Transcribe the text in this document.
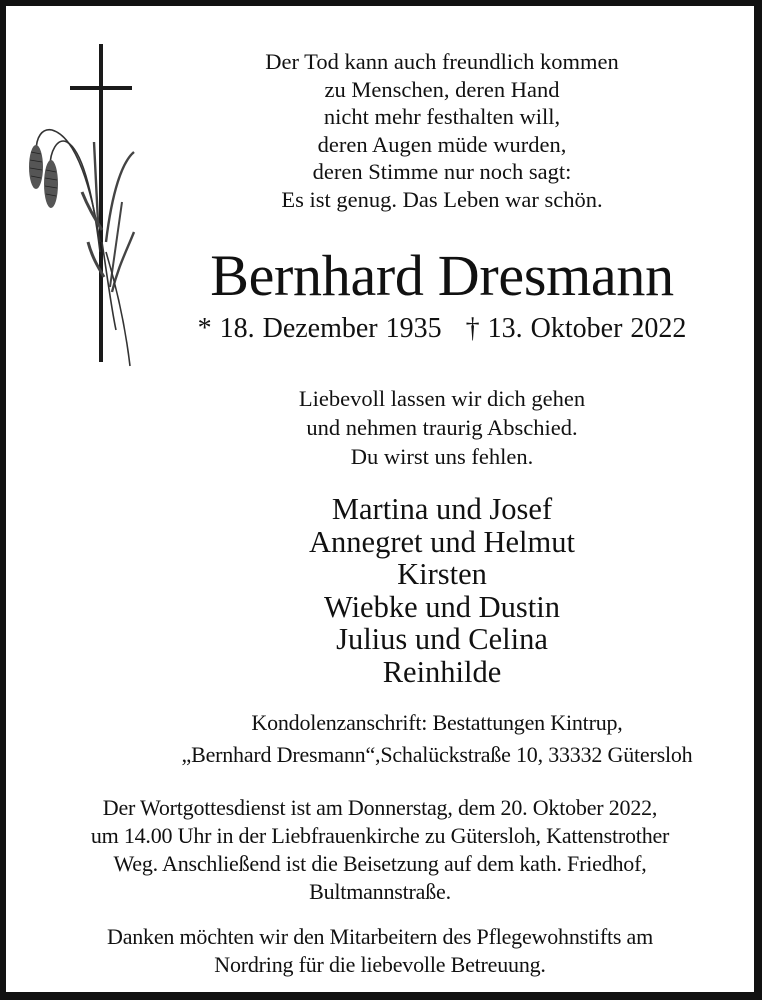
Der Tod kann auch freundlich kommen
zu Menschen, deren Hand
nicht mehr festhalten will,
deren Augen müde wurden,
deren Stimme nur noch sagt:
Es ist genug. Das Leben war schön.
Bernhard Dresmann
* 18. Dezember 1935 † 13. Oktober 2022
Liebevoll lassen wir dich gehen
und nehmen traurig Abschied.
Du wirst uns fehlen.
Martina und Josef
Annegret und Helmut
Kirsten
Wiebke und Dustin
Julius und Celina
Reinhilde
Kondolenzanschrift: Bestattungen Kintrup,
„Bernhard Dresmann“,Schalückstraße 10, 33332 Gütersloh
Der Wortgottesdienst ist am Donnerstag, dem 20. Oktober 2022,
um 14.00 Uhr in der Liebfrauenkirche zu Gütersloh, Kattenstrother
Weg. Anschließend ist die Beisetzung auf dem kath. Friedhof,
Bultmannstraße.
Danken möchten wir den Mitarbeitern des Pflegewohnstifts am
Nordring für die liebevolle Betreuung.
